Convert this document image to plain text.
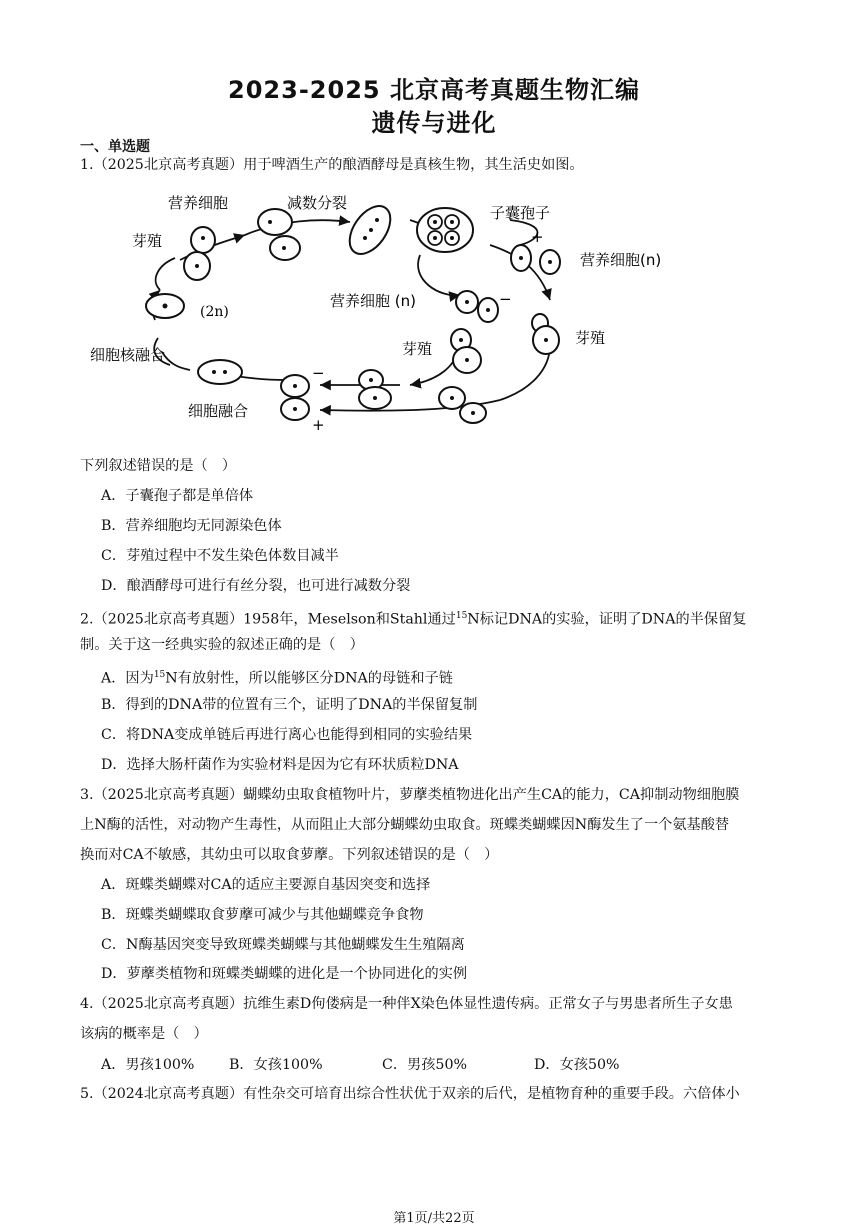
2023-2025 北京高考真题生物汇编
遗传与进化
一、单选题
1.（2025北京高考真题）用于啤酒生产的酿酒酵母是真核生物，其生活史如图。
营养细胞	减数分裂
子囊孢子
芽殖
营养细胞(n)
(2n)
营养细胞 (n)
芽殖
细胞核融合	芽殖
细胞融合
+
−
−
+
下列叙述错误的是（　）
A．子囊孢子都是单倍体
B．营养细胞均无同源染色体
C．芽殖过程中不发生染色体数目减半
D．酿酒酵母可进行有丝分裂，也可进行减数分裂
2.（2025北京高考真题）1958年，Meselson和Stahl通过$^{15}$N标记DNA的实验，证明了DNA的半保留复
制。关于这一经典实验的叙述正确的是（　）
A．因为$^{15}$N有放射性，所以能够区分DNA的母链和子链
B．得到的DNA带的位置有三个，证明了DNA的半保留复制
C．将DNA变成单链后再进行离心也能得到相同的实验结果
D．选择大肠杆菌作为实验材料是因为它有环状质粒DNA
3.（2025北京高考真题）蝴蝶幼虫取食植物叶片，萝藦类植物进化出产生CA的能力，CA抑制动物细胞膜
上N酶的活性，对动物产生毒性，从而阻止大部分蝴蝶幼虫取食。斑蝶类蝴蝶因N酶发生了一个氨基酸替
换而对CA不敏感，其幼虫可以取食萝藦。下列叙述错误的是（　）
A．斑蝶类蝴蝶对CA的适应主要源自基因突变和选择
B．斑蝶类蝴蝶取食萝藦可减少与其他蝴蝶竞争食物
C．N酶基因突变导致斑蝶类蝴蝶与其他蝴蝶发生生殖隔离
D．萝藦类植物和斑蝶类蝴蝶的进化是一个协同进化的实例
4.（2025北京高考真题）抗维生素D佝偻病是一种伴X染色体显性遗传病。正常女子与男患者所生子女患
该病的概率是（　）
A．男孩100% B．女孩100%	C．男孩50%	D．女孩50%
5.（2024北京高考真题）有性杂交可培育出综合性状优于双亲的后代，是植物育种的重要手段。六倍体小
第1页/共22页
